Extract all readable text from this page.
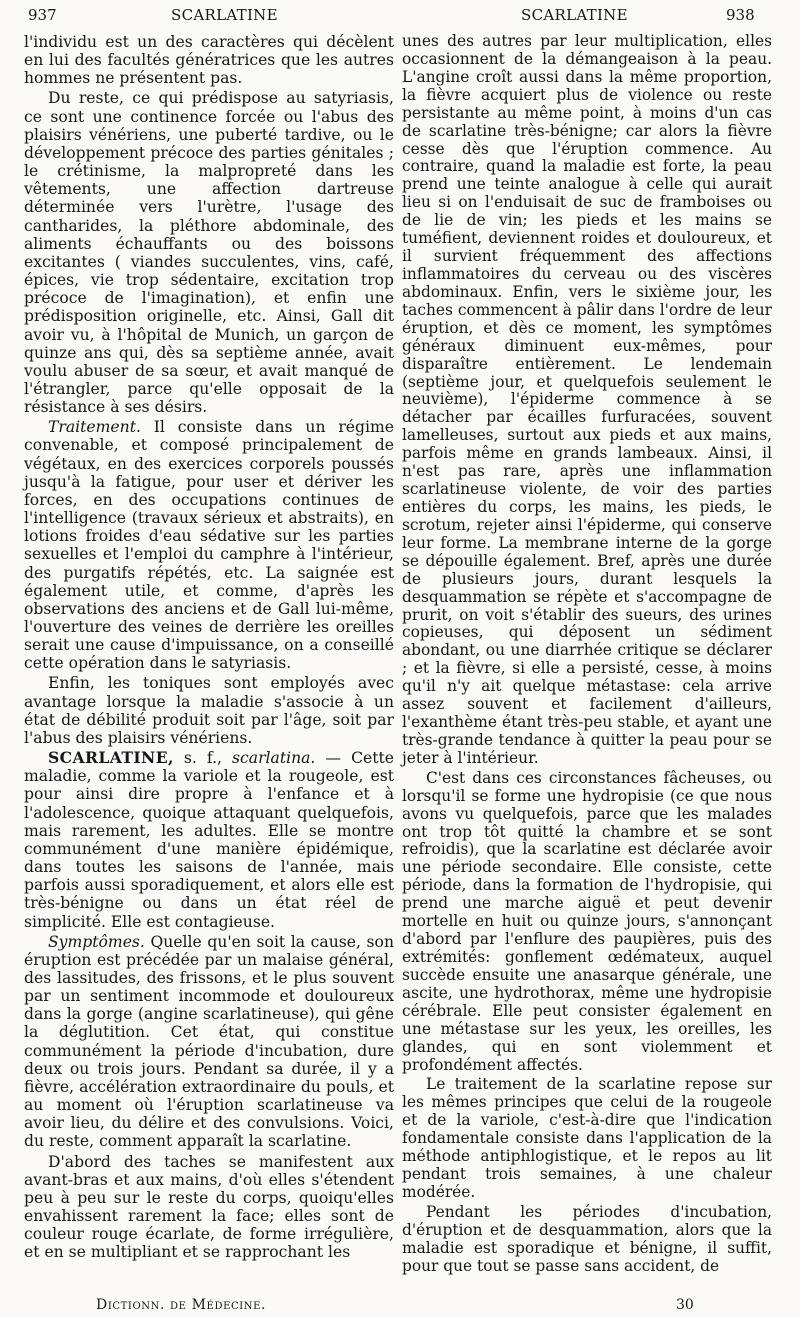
937	SCARLATINE	SCARLATINE	938

l'individu est un des caractères qui décèlent en lui des facultés génératrices que les autres hommes ne présentent pas.

Du reste, ce qui prédispose au satyriasis, ce sont une continence forcée ou l'abus des plaisirs vénériens, une puberté tardive, ou le développement précoce des parties génitales ; le crétinisme, la malpropreté dans les vêtements, une affection dartreuse déterminée vers l'urètre, l'usage des cantharides, la pléthore abdominale, des aliments échauffants ou des boissons excitantes ( viandes succulentes, vins, café, épices, vie trop sédentaire, excitation trop précoce de l'imagination), et enfin une prédisposition originelle, etc. Ainsi, Gall dit avoir vu, à l'hôpital de Munich, un garçon de quinze ans qui, dès sa septième année, avait voulu abuser de sa sœur, et avait manqué de l'étrangler, parce qu'elle opposait de la résistance à ses désirs.

Traitement. Il consiste dans un régime convenable, et composé principalement de végétaux, en des exercices corporels poussés jusqu'à la fatigue, pour user et dériver les forces, en des occupations continues de l'intelligence (travaux sérieux et abstraits), en lotions froides d'eau sédative sur les parties sexuelles et l'emploi du camphre à l'intérieur, des purgatifs répétés, etc. La saignée est également utile, et comme, d'après les observations des anciens et de Gall lui-même, l'ouverture des veines de derrière les oreilles serait une cause d'impuissance, on a conseillé cette opération dans le satyriasis.

Enfin, les toniques sont employés avec avantage lorsque la maladie s'associe à un état de débilité produit soit par l'âge, soit par l'abus des plaisirs vénériens.

SCARLATINE, s. f., scarlatina. — Cette maladie, comme la variole et la rougeole, est pour ainsi dire propre à l'enfance et à l'adolescence, quoique attaquant quelquefois, mais rarement, les adultes. Elle se montre communément d'une manière épidémique, dans toutes les saisons de l'année, mais parfois aussi sporadiquement, et alors elle est très-bénigne ou dans un état réel de simplicité. Elle est contagieuse.

Symptômes. Quelle qu'en soit la cause, son éruption est précédée par un malaise général, des lassitudes, des frissons, et le plus souvent par un sentiment incommode et douloureux dans la gorge (angine scarlatineuse), qui gêne la déglutition. Cet état, qui constitue communément la période d'incubation, dure deux ou trois jours. Pendant sa durée, il y a fièvre, accélération extraordinaire du pouls, et au moment où l'éruption scarlatineuse va avoir lieu, du délire et des convulsions. Voici, du reste, comment apparaît la scarlatine.

D'abord des taches se manifestent aux avant-bras et aux mains, d'où elles s'étendent peu à peu sur le reste du corps, quoiqu'elles envahissent rarement la face; elles sont de couleur rouge écarlate, de forme irrégulière, et en se multipliant et se rapprochant les

unes des autres par leur multiplication, elles occasionnent de la démangeaison à la peau. L'angine croît aussi dans la même proportion, la fièvre acquiert plus de violence ou reste persistante au même point, à moins d'un cas de scarlatine très-bénigne; car alors la fièvre cesse dès que l'éruption commence. Au contraire, quand la maladie est forte, la peau prend une teinte analogue à celle qui aurait lieu si on l'enduisait de suc de framboises ou de lie de vin; les pieds et les mains se tuméfient, deviennent roides et douloureux, et il survient fréquemment des affections inflammatoires du cerveau ou des viscères abdominaux. Enfin, vers le sixième jour, les taches commencent à pâlir dans l'ordre de leur éruption, et dès ce moment, les symptômes généraux diminuent eux-mêmes, pour disparaître entièrement. Le lendemain (septième jour, et quelquefois seulement le neuvième), l'épiderme commence à se détacher par écailles furfuracées, souvent lamelleuses, surtout aux pieds et aux mains, parfois même en grands lambeaux. Ainsi, il n'est pas rare, après une inflammation scarlatineuse violente, de voir des parties entières du corps, les mains, les pieds, le scrotum, rejeter ainsi l'épiderme, qui conserve leur forme. La membrane interne de la gorge se dépouille également. Bref, après une durée de plusieurs jours, durant lesquels la desquammation se répète et s'accompagne de prurit, on voit s'établir des sueurs, des urines copieuses, qui déposent un sédiment abondant, ou une diarrhée critique se déclarer ; et la fièvre, si elle a persisté, cesse, à moins qu'il n'y ait quelque métastase: cela arrive assez souvent et facilement d'ailleurs, l'exanthème étant très-peu stable, et ayant une très-grande tendance à quitter la peau pour se jeter à l'intérieur.

C'est dans ces circonstances fâcheuses, ou lorsqu'il se forme une hydropisie (ce que nous avons vu quelquefois, parce que les malades ont trop tôt quitté la chambre et se sont refroidis), que la scarlatine est déclarée avoir une période secondaire. Elle consiste, cette période, dans la formation de l'hydropisie, qui prend une marche aiguë et peut devenir mortelle en huit ou quinze jours, s'annonçant d'abord par l'enflure des paupières, puis des extrémités: gonflement œdémateux, auquel succède ensuite une anasarque générale, une ascite, une hydrothorax, même une hydropisie cérébrale. Elle peut consister également en une métastase sur les yeux, les oreilles, les glandes, qui en sont violemment et profondément affectés.

Le traitement de la scarlatine repose sur les mêmes principes que celui de la rougeole et de la variole, c'est-à-dire que l'indication fondamentale consiste dans l'application de la méthode antiphlogistique, et le repos au lit pendant trois semaines, à une chaleur modérée.

Pendant les périodes d'incubation, d'éruption et de desquammation, alors que la maladie est sporadique et bénigne, il suffit, pour que tout se passe sans accident, de

Dictionn. de Médecine.	30
